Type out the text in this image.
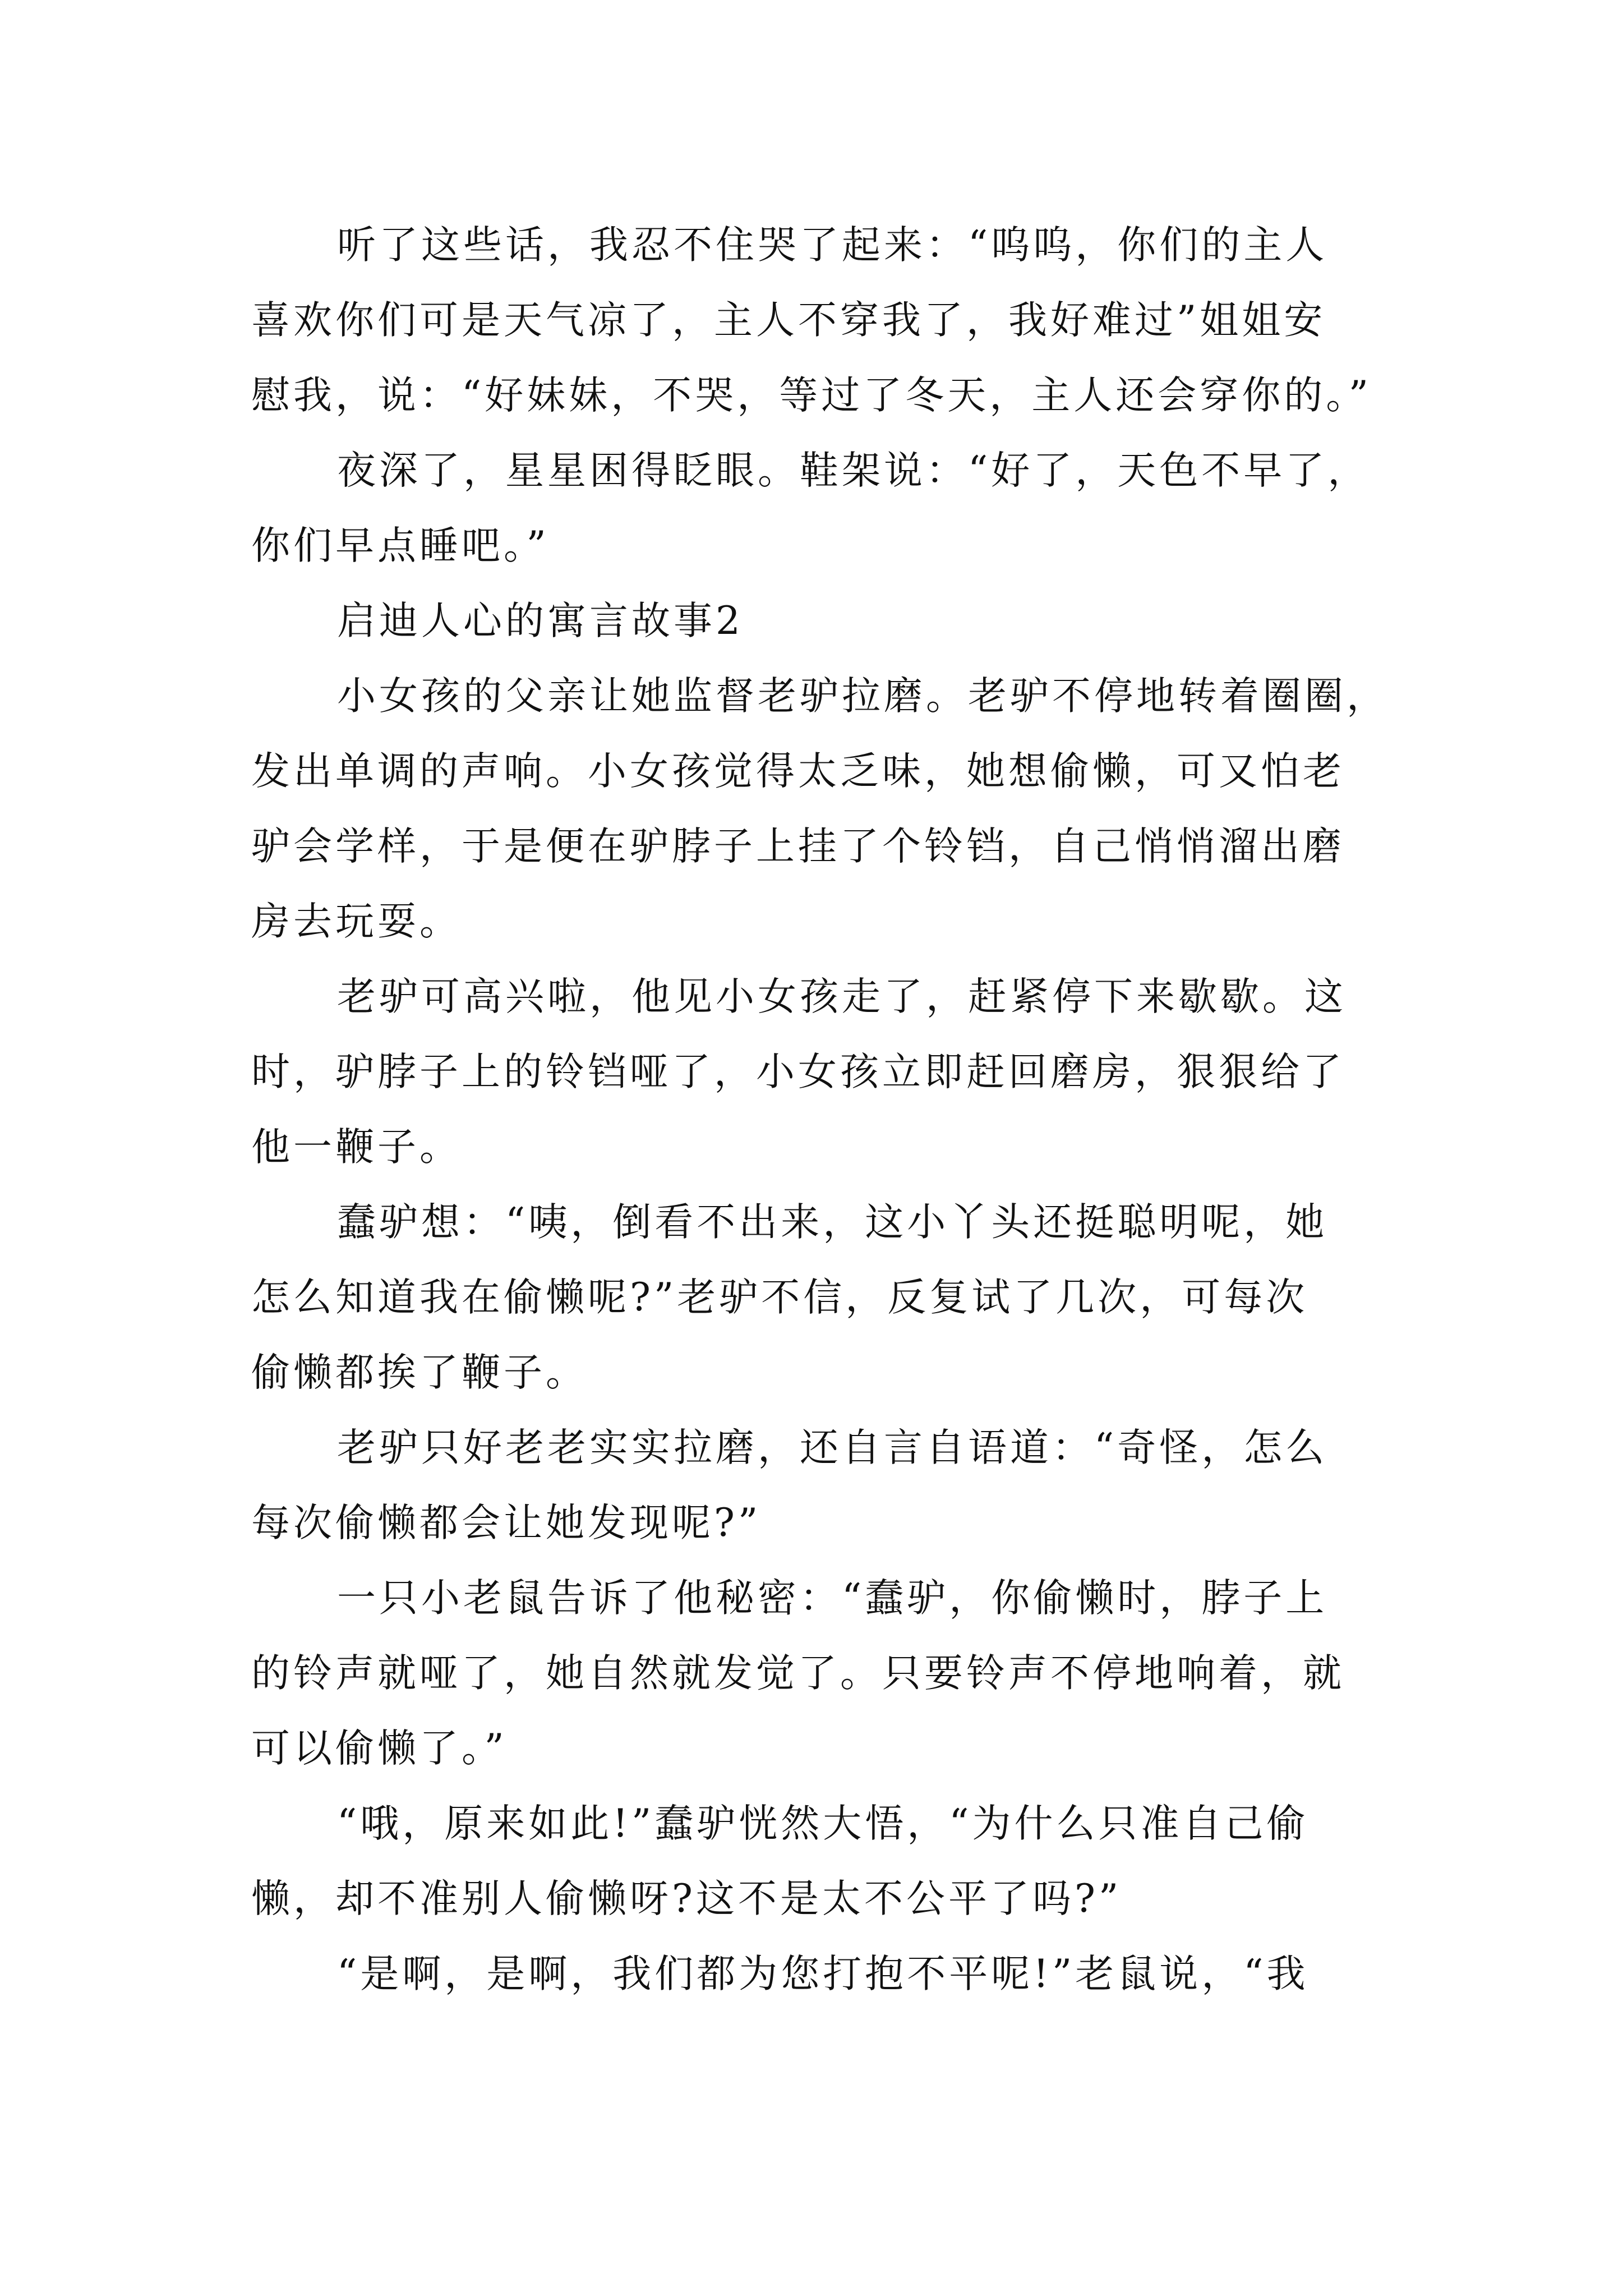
听了这些话，我忍不住哭了起来：“呜呜，你们的主人
喜欢你们可是天气凉了，主人不穿我了，我好难过”姐姐安
慰我，说：“好妹妹，不哭，等过了冬天，主人还会穿你的。”
夜深了，星星困得眨眼。鞋架说：“好了，天色不早了，
你们早点睡吧。”
启迪人心的寓言故事2
小女孩的父亲让她监督老驴拉磨。老驴不停地转着圈圈，
发出单调的声响。小女孩觉得太乏味，她想偷懒，可又怕老
驴会学样，于是便在驴脖子上挂了个铃铛，自己悄悄溜出磨
房去玩耍。
老驴可高兴啦，他见小女孩走了，赶紧停下来歇歇。这
时，驴脖子上的铃铛哑了，小女孩立即赶回磨房，狠狠给了
他一鞭子。
蠢驴想：“咦，倒看不出来，这小丫头还挺聪明呢，她
怎么知道我在偷懒呢?”老驴不信，反复试了几次，可每次
偷懒都挨了鞭子。
老驴只好老老实实拉磨，还自言自语道：“奇怪，怎么
每次偷懒都会让她发现呢?”
一只小老鼠告诉了他秘密：“蠢驴，你偷懒时，脖子上
的铃声就哑了，她自然就发觉了。只要铃声不停地响着，就
可以偷懒了。”
“哦，原来如此!”蠢驴恍然大悟，“为什么只准自己偷
懒，却不准别人偷懒呀?这不是太不公平了吗?”
“是啊，是啊，我们都为您打抱不平呢!”老鼠说，“我
